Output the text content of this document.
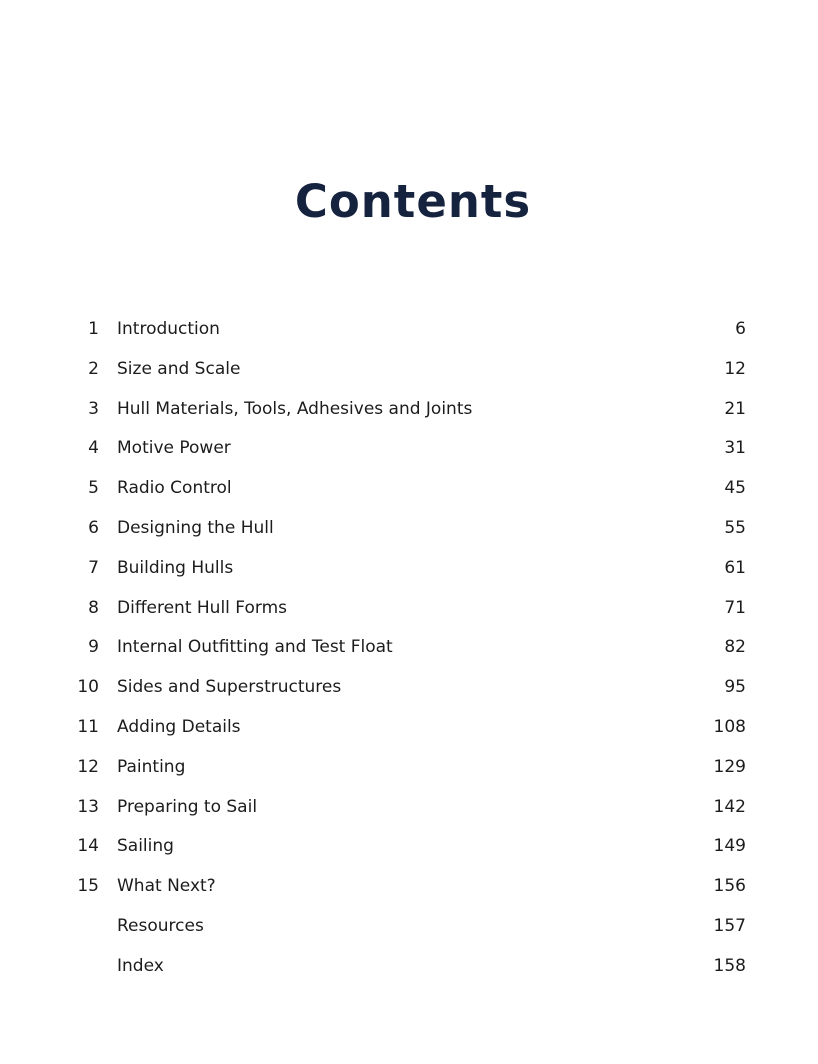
Contents
1 Introduction	6
2 Size and Scale	12
3 Hull Materials, Tools, Adhesives and Joints	21
4 Motive Power	31
5 Radio Control	45
6 Designing the Hull	55
7 Building Hulls	61
8 Different Hull Forms	71
9 Internal Outfitting and Test Float	82
10 Sides and Superstructures	95
11 Adding Details	108
12 Painting	129
13 Preparing to Sail	142
14 Sailing	149
15 What Next?	156
Resources	157
Index	158
